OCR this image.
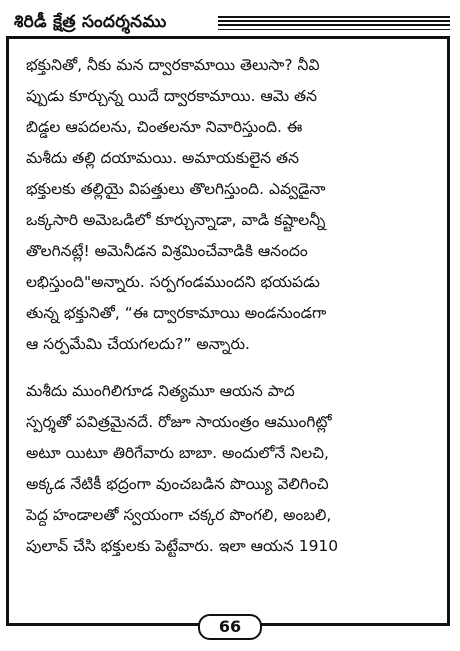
శిరిడీ క్షేత్ర సందర్శనము
భక్తునితో, నీకు మన ద్వారకామాయి తెలుసా? నీవి
ప్పుడు కూర్చున్న యిదే ద్వారకామాయి. ఆమె తన
బిడ్డల ఆపదలను, చింతలనూ నివారిస్తుంది. ఈ
మశీదు తల్లి దయామయి. అమాయకులైన తన
భక్తులకు తల్లియై విపత్తులు తొలగిస్తుంది. ఎవ్వడైనా
ఒక్కసారి అమెఒడిలో కూర్చున్నాడా, వాడి కష్టాలన్నీ
తొలగినట్లే! అమెనీడన విశ్రమించేవాడికి ఆనందం
లభిస్తుంది"అన్నారు. సర్పగండముందని భయపడు
తున్న భక్తునితో, “ఈ ద్వారకామాయి అండనుండగా
ఆ సర్పమేమి చేయగలదు?” అన్నారు.
మశీదు ముంగిలిగూడ నిత్యమూ ఆయన పాద
స్పర్శతో పవిత్రమైనదే. రోజూ సాయంత్రం ఆముంగిట్లో
అటూ యిటూ తిరిగేవారు బాబా. అందులోనే నిలచి,
అక్కడ నేటికీ భద్రంగా వుంచబడిన పొయ్యి వెలిగించి
పెద్ద హండాలతో స్వయంగా చక్కర పొంగలి, అంబలి,
పులావ్ చేసి భక్తులకు పెట్టేవారు. ఇలా ఆయన 1910
66
